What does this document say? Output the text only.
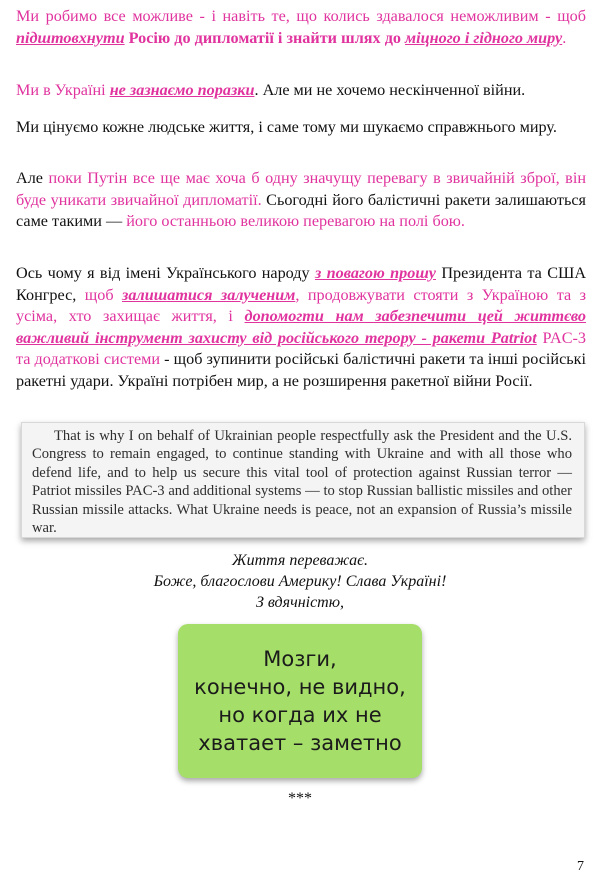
Ми робимо все можливе - і навіть те, що колись здавалося неможливим - щоб підштовхнути Росію до дипломатії і знайти шлях до міцного і гідного миру.

Ми в Україні не зазнаємо поразки. Але ми не хочемо нескінченної війни.

Ми цінуємо кожне людське життя, і саме тому ми шукаємо справжнього миру.

Але поки Путін все ще має хоча б одну значущу перевагу в звичайній зброї, він буде уникати звичайної дипломатії. Сьогодні його балістичні ракети залишаються саме такими — його останньою великою перевагою на полі бою.

Ось чому я від імені Українського народу з повагою прошу Президента та США Конгрес, щоб залишатися залученим, продовжувати стояти з Україною та з усіма, хто захищає життя, і допомогти нам забезпечити цей життєво важливий інструмент захисту від російського терору - ракети Patriot PAC-3 та додаткові системи - щоб зупинити російські балістичні ракети та інші російські ракетні удари. Україні потрібен мир, а не розширення ракетної війни Росії.

That is why I on behalf of Ukrainian people respectfully ask the President and the U.S. Congress to remain engaged, to continue standing with Ukraine and with all those who defend life, and to help us secure this vital tool of protection against Russian terror — Patriot missiles PAC-3 and additional systems — to stop Russian ballistic missiles and other Russian missile attacks. What Ukraine needs is peace, not an expansion of Russia’s missile war.

Життя переважає.

Боже, благослови Америку! Слава Україні!

З вдячністю,

Мозги,
конечно, не видно,
но когда их не
хватает – заметно

***

7
